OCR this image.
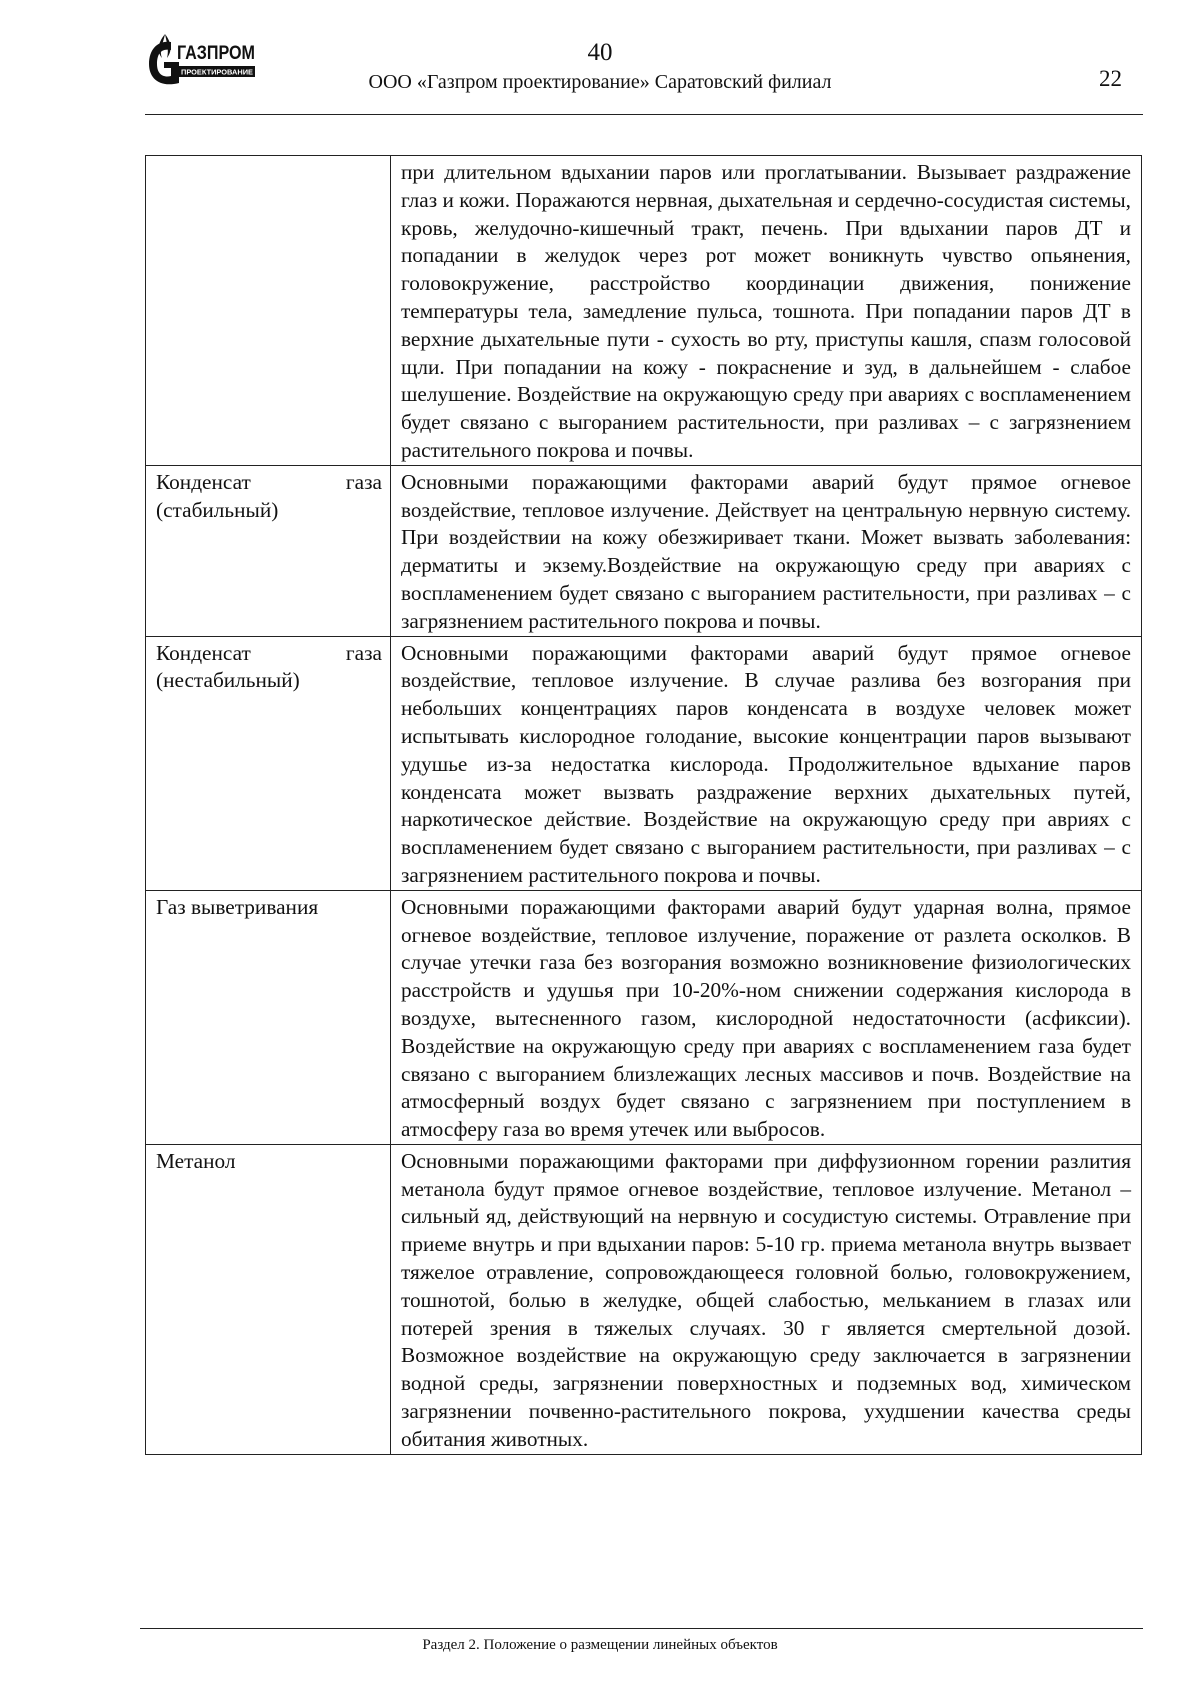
40
ГАЗПРОМ
ПРОЕКТИРОВАНИЕ	ООО «Газпром проектирование» Саратовский филиал	22

	при длительном вдыхании паров или проглатывании. Вызывает раздражение глаз и кожи. Поражаются нервная, дыхательная и сердечно-сосудистая системы, кровь, желудочно-кишечный тракт, печень. При вдыхании паров ДТ и попадании в желудок через рот может воникнуть чувство опьянения, головокружение, расстройство координации движения, понижение температуры тела, замедление пульса, тошнота. При попадании паров ДТ в верхние дыхательные пути - сухость во рту, приступы кашля, спазм голосовой щли. При попадании на кожу - покраснение и зуд, в дальнейшем - слабое шелушение. Воздействие на окружающую среду при авариях с воспламенением будет связано с выгоранием растительности, при разливах – с загрязнением растительного покрова и почвы.

Конденсат газа (стабильный)	Основными поражающими факторами аварий будут прямое огневое воздействие, тепловое излучение. Действует на центральную нервную систему. При воздействии на кожу обезжиривает ткани. Может вызвать заболевания: дерматиты и экзему.Воздействие на окружающую среду при авариях с воспламенением будет связано с выгоранием растительности, при разливах – с загрязнением растительного покрова и почвы.

Конденсат газа (нестабильный)	Основными поражающими факторами аварий будут прямое огневое воздействие, тепловое излучение. В случае разлива без возгорания при небольших концентрациях паров конденсата в воздухе человек может испытывать кислородное голодание, высокие концентрации паров вызывают удушье из-за недостатка кислорода. Продолжительное вдыхание паров конденсата может вызвать раздражение верхних дыхательных путей, наркотическое действие. Воздействие на окружающую среду при авриях с воспламенением будет связано с выгоранием растительности, при разливах – с загрязнением растительного покрова и почвы.

Газ выветривания	Основными поражающими факторами аварий будут ударная волна, прямое огневое воздействие, тепловое излучение, поражение от разлета осколков. В случае утечки газа без возгорания возможно возникновение физиологических расстройств и удушья при 10-20%-ном снижении содержания кислорода в воздухе, вытесненного газом, кислородной недостаточности (асфиксии). Воздействие на окружающую среду при авариях с воспламенением газа будет связано с выгоранием близлежащих лесных массивов и почв. Воздействие на атмосферный воздух будет связано с загрязнением при поступлением в атмосферу газа во время утечек или выбросов.

Метанол	Основными поражающими факторами при диффузионном горении разлития метанола будут прямое огневое воздействие, тепловое излучение. Метанол – сильный яд, действующий на нервную и сосудистую системы. Отравление при приеме внутрь и при вдыхании паров: 5-10 гр. приема метанола внутрь вызвает тяжелое отравление, сопровождающееся головной болью, головокружением, тошнотой, болью в желудке, общей слабостью, мельканием в глазах или потерей зрения в тяжелых случаях. 30 г является смертельной дозой. Возможное воздействие на окружающую среду заключается в загрязнении водной среды, загрязнении поверхностных и подземных вод, химическом загрязнении почвенно-растительного покрова, ухудшении качества среды обитания животных.
Раздел 2. Положение о размещении линейных объектов
